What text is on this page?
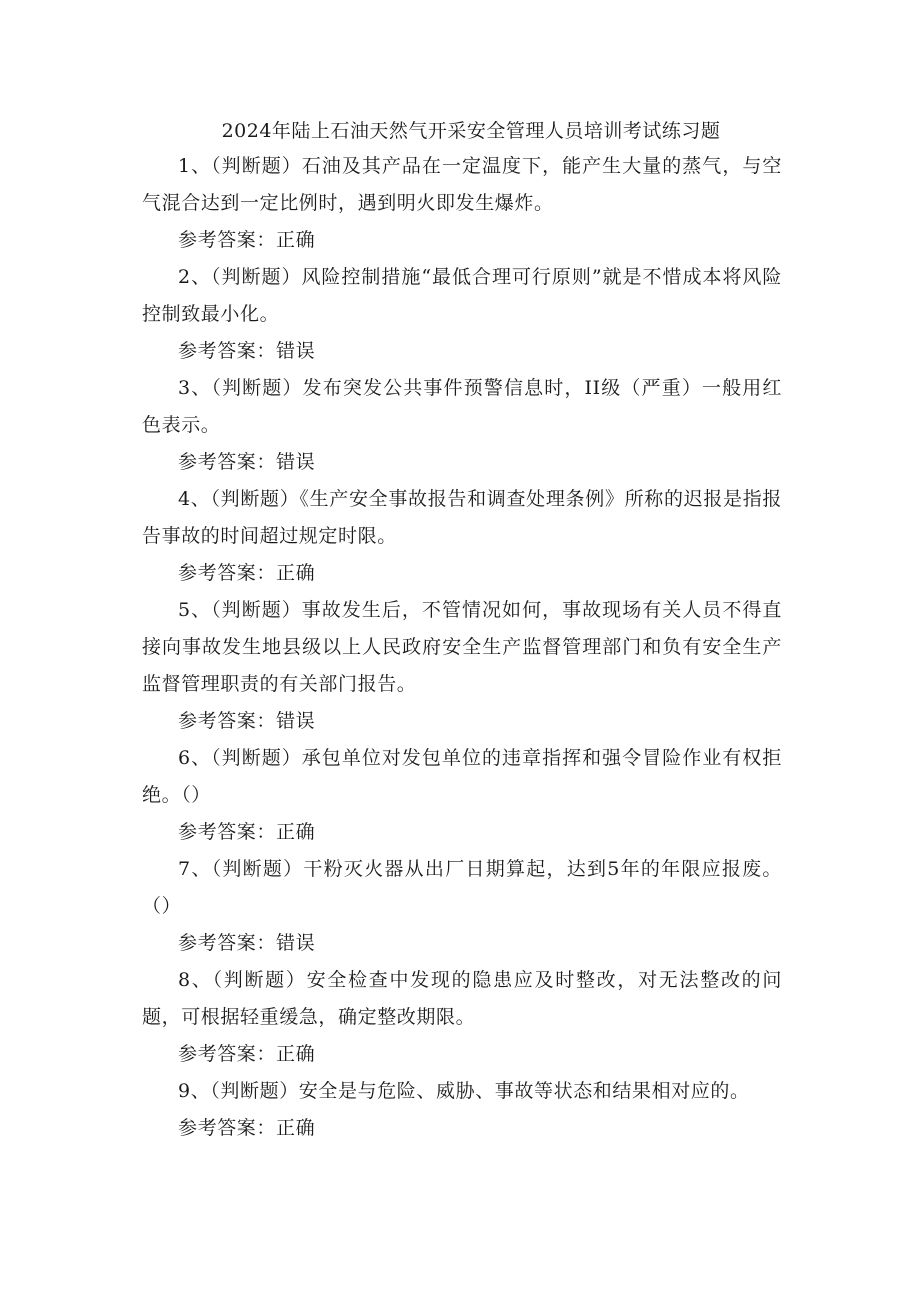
2024年陆上石油天然气开采安全管理人员培训考试练习题

1、（判断题）石油及其产品在一定温度下，能产生大量的蒸气，与空气混合达到一定比例时，遇到明火即发生爆炸。

参考答案：正确

2、（判断题）风险控制措施“最低合理可行原则”就是不惜成本将风险控制致最小化。

参考答案：错误

3、（判断题）发布突发公共事件预警信息时，II级（严重）一般用红色表示。

参考答案：错误

4、（判断题）《生产安全事故报告和调查处理条例》所称的迟报是指报告事故的时间超过规定时限。

参考答案：正确

5、（判断题）事故发生后，不管情况如何，事故现场有关人员不得直接向事故发生地县级以上人民政府安全生产监督管理部门和负有安全生产监督管理职责的有关部门报告。

参考答案：错误

6、（判断题）承包单位对发包单位的违章指挥和强令冒险作业有权拒绝。（）

参考答案：正确

7、（判断题）干粉灭火器从出厂日期算起，达到5年的年限应报废。（）

参考答案：错误

8、（判断题）安全检查中发现的隐患应及时整改，对无法整改的问题，可根据轻重缓急，确定整改期限。

参考答案：正确

9、（判断题）安全是与危险、威胁、事故等状态和结果相对应的。

参考答案：正确
